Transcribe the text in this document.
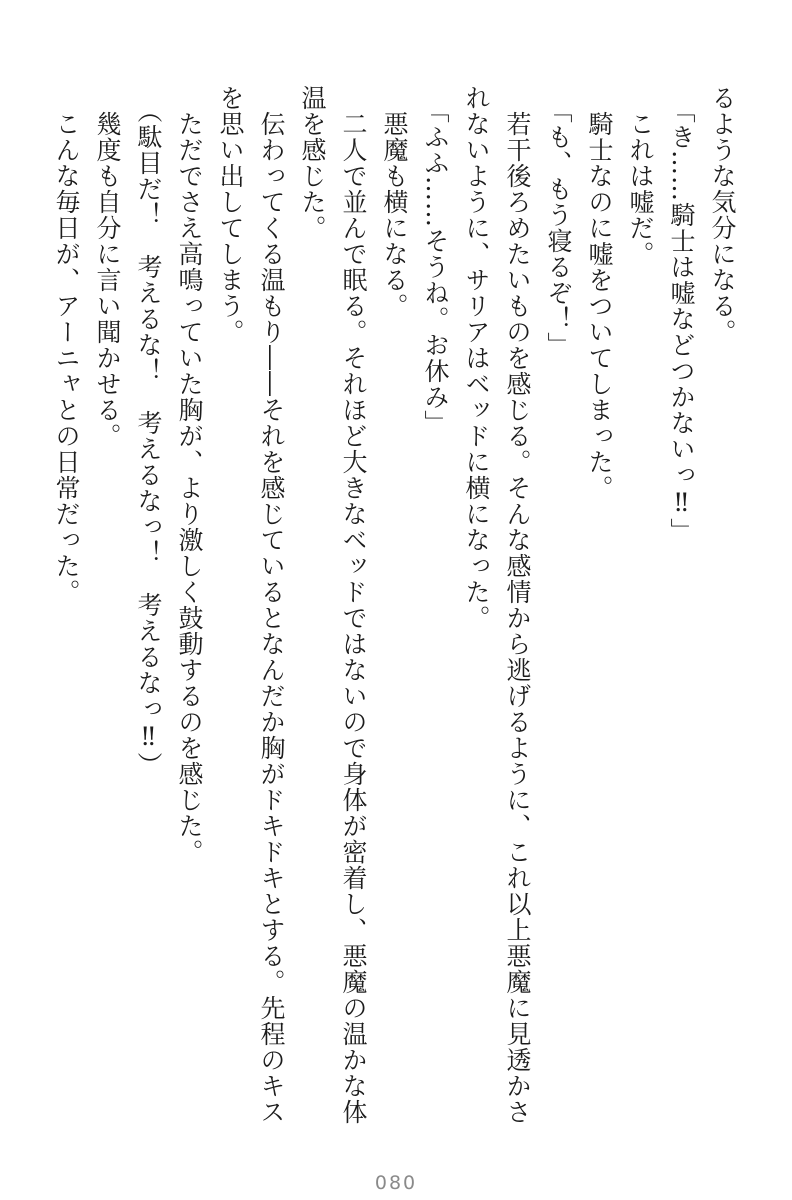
るような気分になる。
「き……騎士は嘘などつかないっ‼」
これは嘘だ。
騎士なのに嘘をついてしまった。
「も、もう寝るぞ！」
若干後ろめたいものを感じる。そんな感情から逃げるように、これ以上悪魔に見透かさ
れないように、サリアはベッドに横になった。
「ふふ……そうね。お休み」
悪魔も横になる。
二人で並んで眠る。それほど大きなベッドではないので身体が密着し、悪魔の温かな体
温を感じた。
伝わってくる温もり――それを感じているとなんだか胸がドキドキとする。先程のキス
を思い出してしまう。
ただでさえ高鳴っていた胸が、より激しく鼓動するのを感じた。
（駄目だ！　考えるな！　考えるなっ！　考えるなっ‼）
幾度も自分に言い聞かせる。
こんな毎日が、アーニャとの日常だった。
080
